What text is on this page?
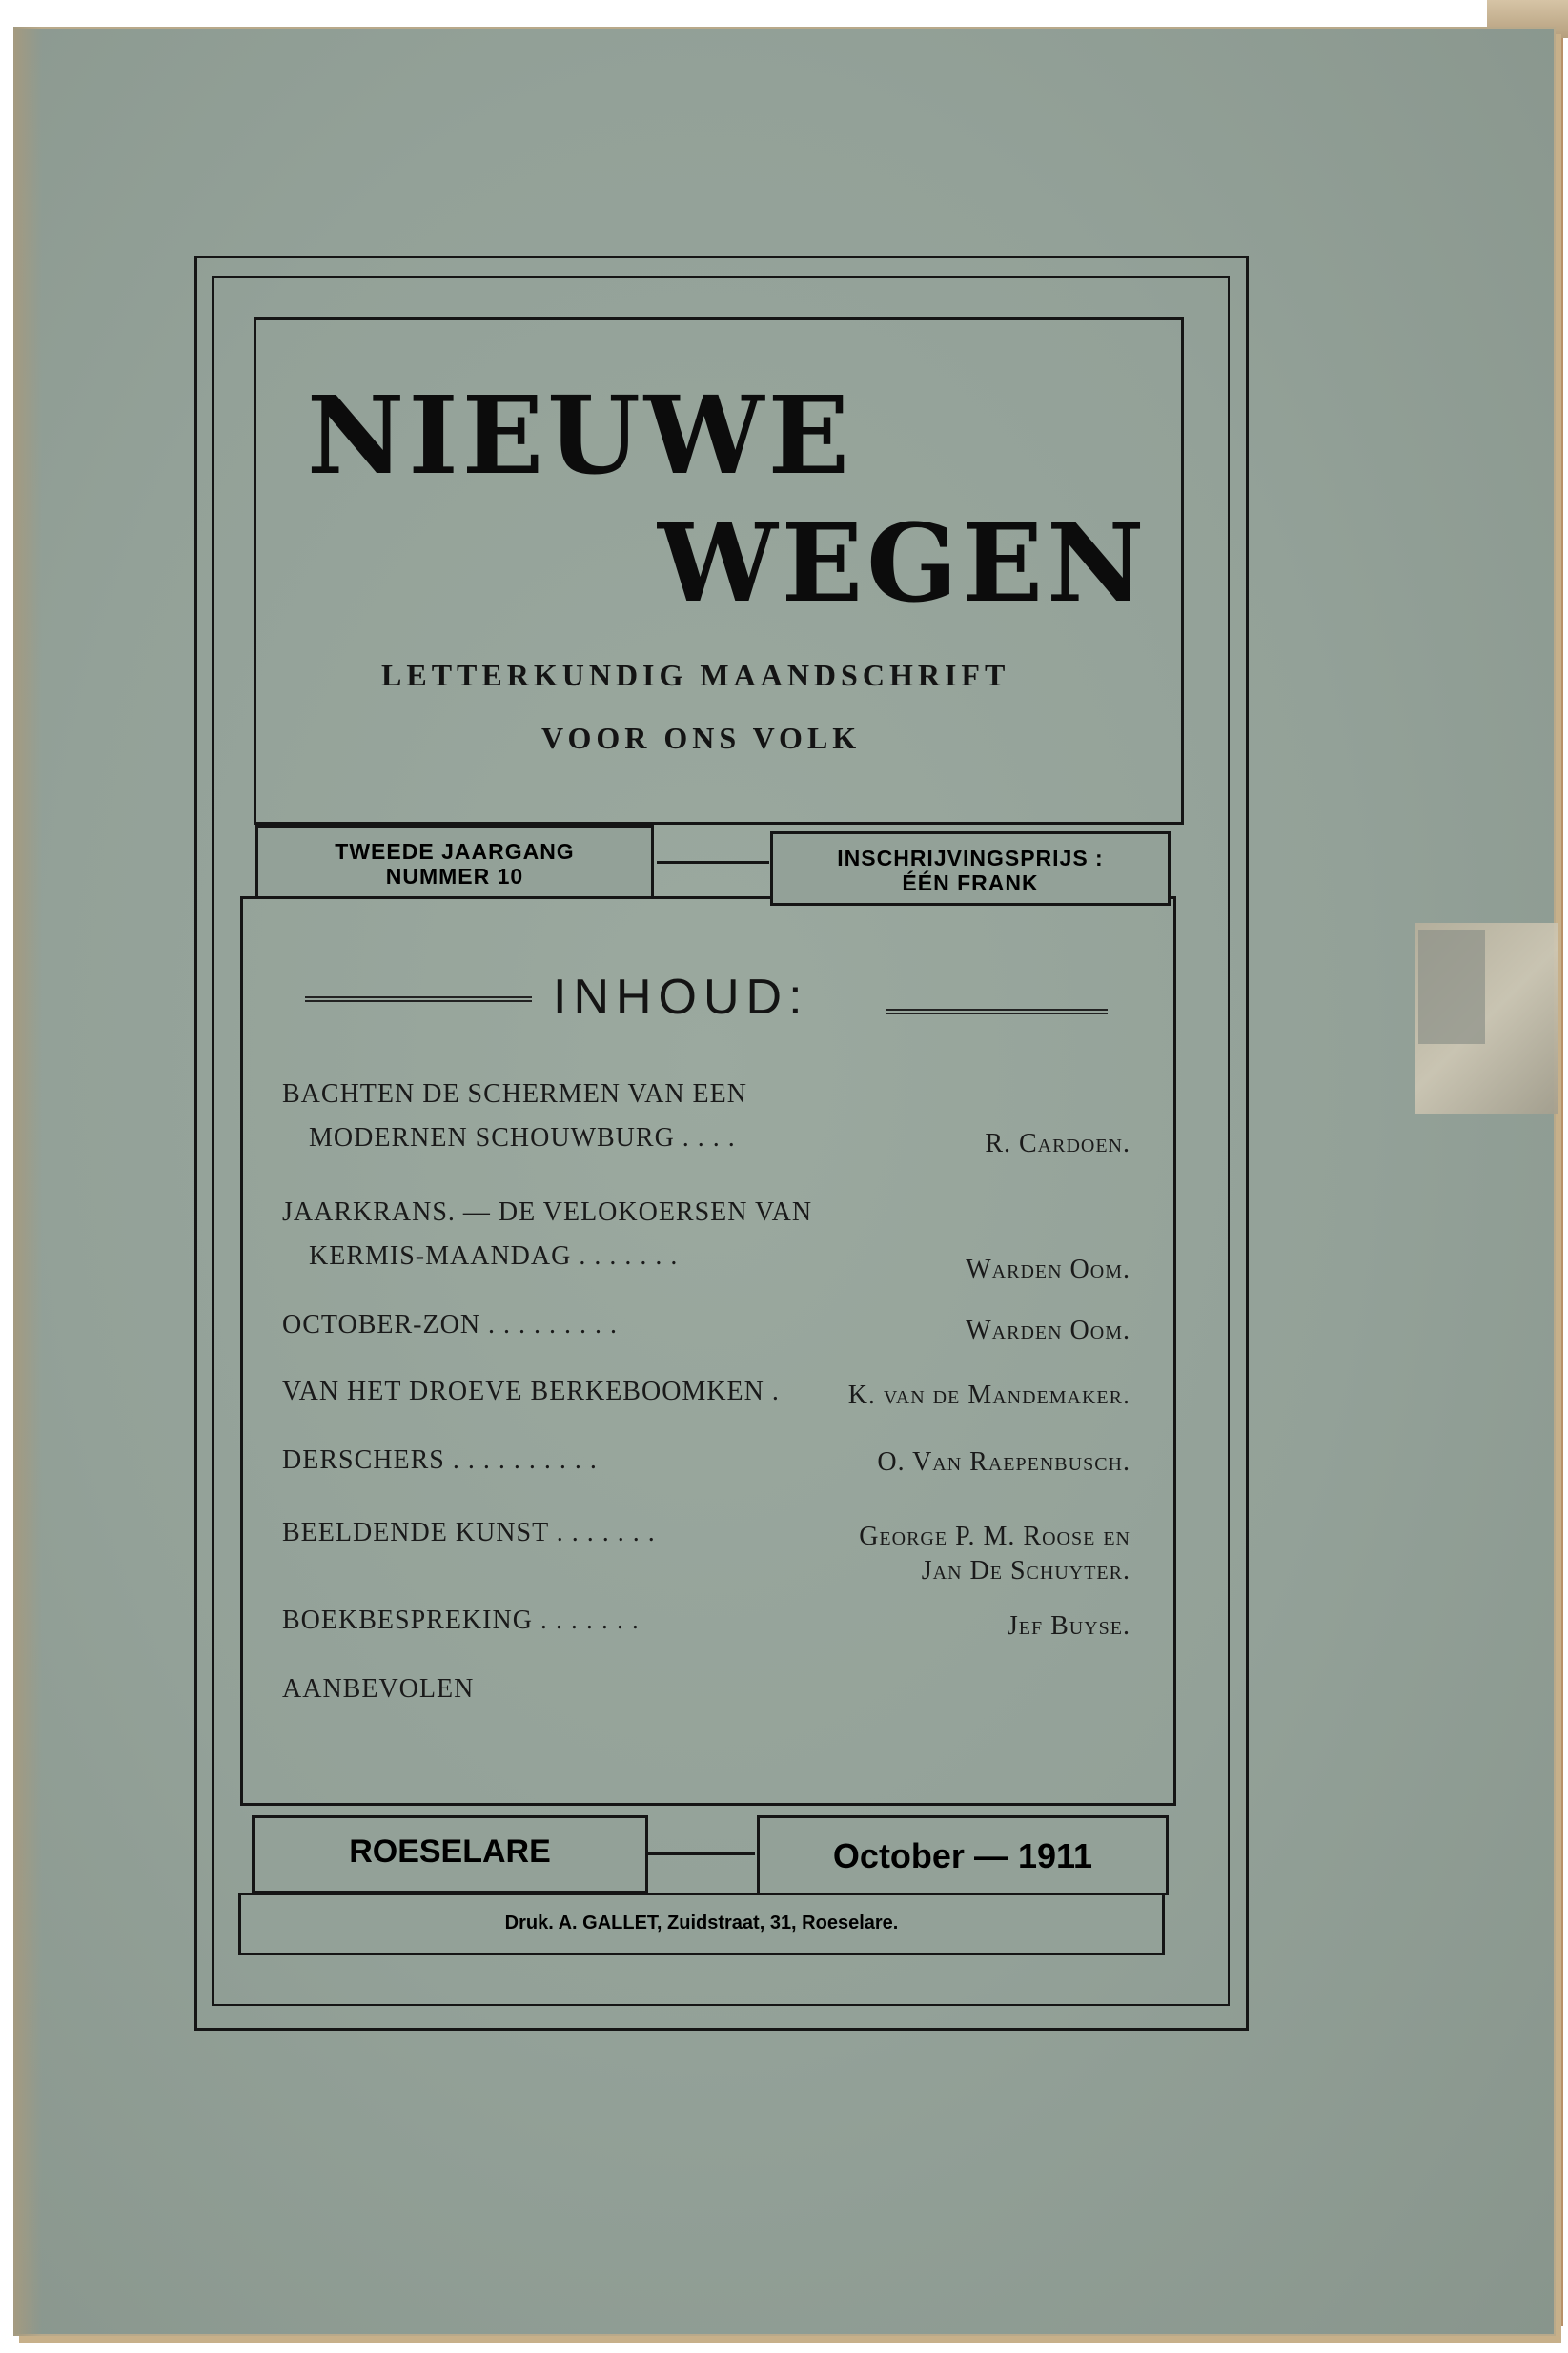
NIEUWE
WEGEN

LETTERKUNDIG MAANDSCHRIFT

VOOR ONS VOLK

TWEEDE JAARGANG
NUMMER 10
INSCHRIJVINGSPRIJS :
ÉÉN FRANK
INHOUD:
BACHTEN DE SCHERMEN VAN EEN
MODERNEN SCHOUWBURG . . . .	R. Cardoen.
JAARKRANS. — DE VELOKOERSEN VAN
KERMIS-MAANDAG . . . . . . .	Warden Oom.
OCTOBER-ZON . . . . . . . . .	Warden Oom.
VAN HET DROEVE BERKEBOOMKEN .	K. van de Mandemaker.
DERSCHERS . . . . . . . . . .	O. Van Raepenbusch.
BEELDENDE KUNST . . . . . . .	George P. M. Roose en
Jan De Schuyter.
BOEKBESPREKING . . . . . . .	Jef Buyse.
AANBEVOLEN
ROESELARE	October — 1911
Druk. A. GALLET, Zuidstraat, 31, Roeselare.
